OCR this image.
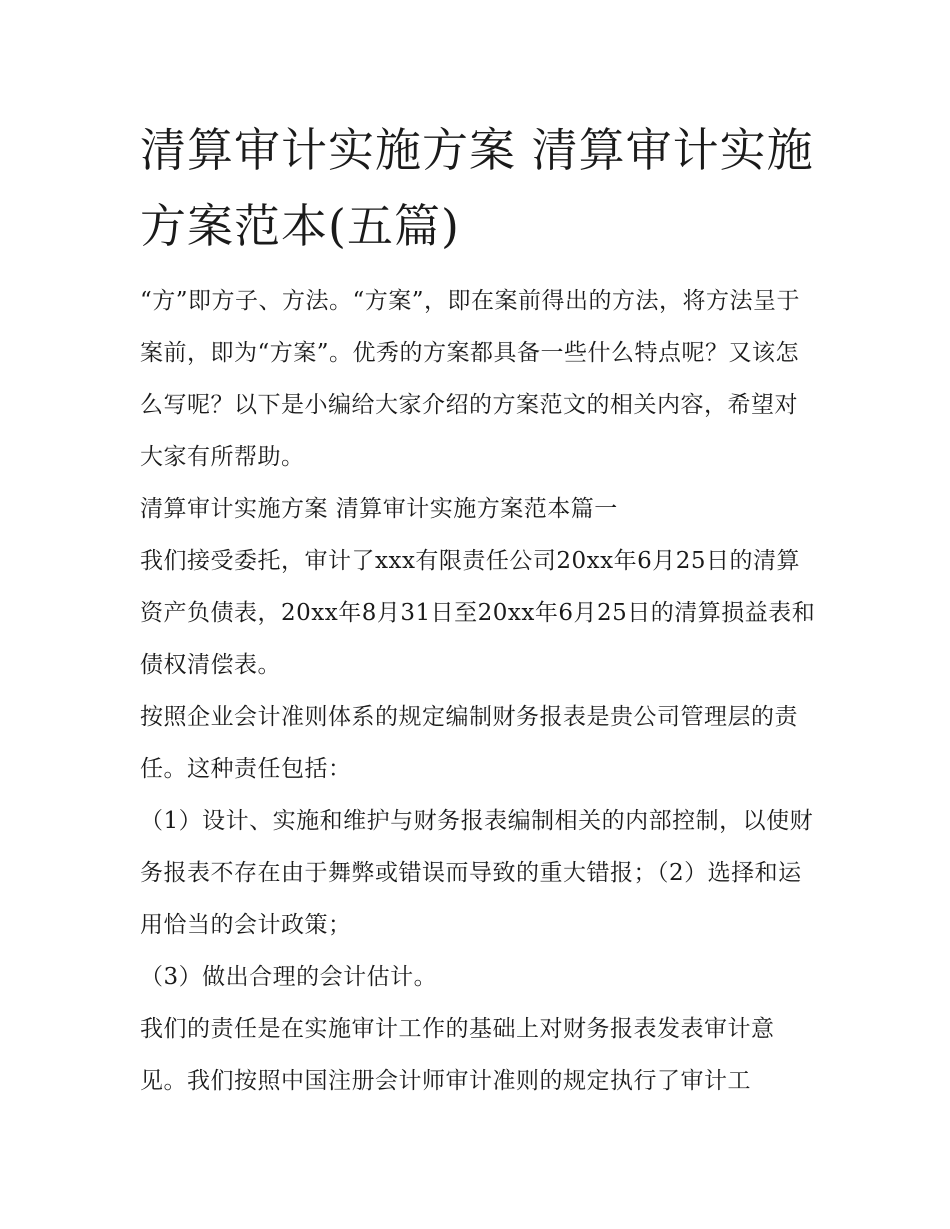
清算审计实施方案 清算审计实施方案范本(五篇)

“方”即方子、方法。“方案”，即在案前得出的方法，将方法呈于案前，即为“方案”。优秀的方案都具备一些什么特点呢？又该怎么写呢？以下是小编给大家介绍的方案范文的相关内容，希望对大家有所帮助。

清算审计实施方案 清算审计实施方案范本篇一

我们接受委托，审计了xxx有限责任公司20xx年6月25日的清算资产负债表，20xx年8月31日至20xx年6月25日的清算损益表和债权清偿表。

按照企业会计准则体系的规定编制财务报表是贵公司管理层的责任。这种责任包括：

（1）设计、实施和维护与财务报表编制相关的内部控制，以使财务报表不存在由于舞弊或错误而导致的重大错报；（2）选择和运用恰当的会计政策；

（3）做出合理的会计估计。

我们的责任是在实施审计工作的基础上对财务报表发表审计意见。我们按照中国注册会计师审计准则的规定执行了审计工
